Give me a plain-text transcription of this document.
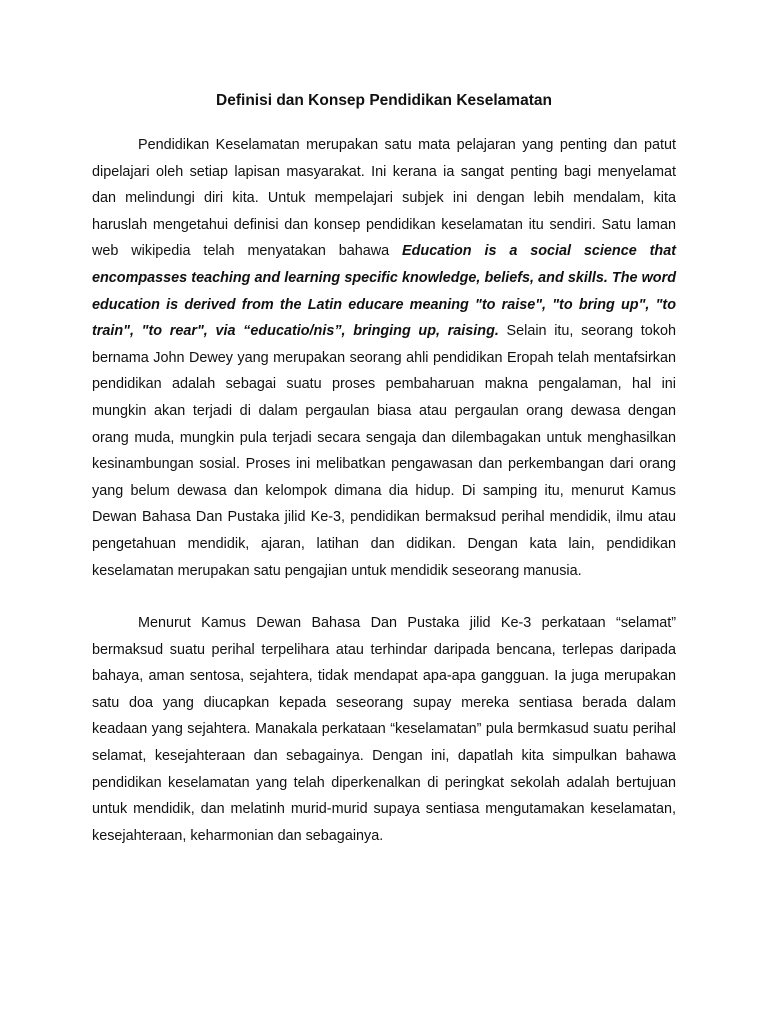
Definisi dan Konsep Pendidikan Keselamatan

Pendidikan Keselamatan merupakan satu mata pelajaran yang penting dan patut dipelajari oleh setiap lapisan masyarakat. Ini kerana ia sangat penting bagi menyelamat dan melindungi diri kita. Untuk mempelajari subjek ini dengan lebih mendalam, kita haruslah mengetahui definisi dan konsep pendidikan keselamatan itu sendiri. Satu laman web wikipedia telah menyatakan bahawa Education is a social science that encompasses teaching and learning specific knowledge, beliefs, and skills. The word education is derived from the Latin educare meaning "to raise", "to bring up", "to train", "to rear", via “educatio/nis”, bringing up, raising. Selain itu, seorang tokoh bernama John Dewey yang merupakan seorang ahli pendidikan Eropah telah mentafsirkan pendidikan adalah sebagai suatu proses pembaharuan makna pengalaman, hal ini mungkin akan terjadi di dalam pergaulan biasa atau pergaulan orang dewasa dengan orang muda, mungkin pula terjadi secara sengaja dan dilembagakan untuk menghasilkan kesinambungan sosial. Proses ini melibatkan pengawasan dan perkembangan dari orang yang belum dewasa dan kelompok dimana dia hidup. Di samping itu, menurut Kamus Dewan Bahasa Dan Pustaka jilid Ke-3, pendidikan bermaksud perihal mendidik, ilmu atau pengetahuan mendidik, ajaran, latihan dan didikan. Dengan kata lain, pendidikan keselamatan merupakan satu pengajian untuk mendidik seseorang manusia.

Menurut Kamus Dewan Bahasa Dan Pustaka jilid Ke-3 perkataan “selamat” bermaksud suatu perihal terpelihara atau terhindar daripada bencana, terlepas daripada bahaya, aman sentosa, sejahtera, tidak mendapat apa-apa gangguan. Ia juga merupakan satu doa yang diucapkan kepada seseorang supay mereka sentiasa berada dalam keadaan yang sejahtera. Manakala perkataan “keselamatan” pula bermkasud suatu perihal selamat, kesejahteraan dan sebagainya. Dengan ini, dapatlah kita simpulkan bahawa pendidikan keselamatan yang telah diperkenalkan di peringkat sekolah adalah bertujuan untuk mendidik, dan melatinh murid-murid supaya sentiasa mengutamakan keselamatan, kesejahteraan, keharmonian dan sebagainya.
